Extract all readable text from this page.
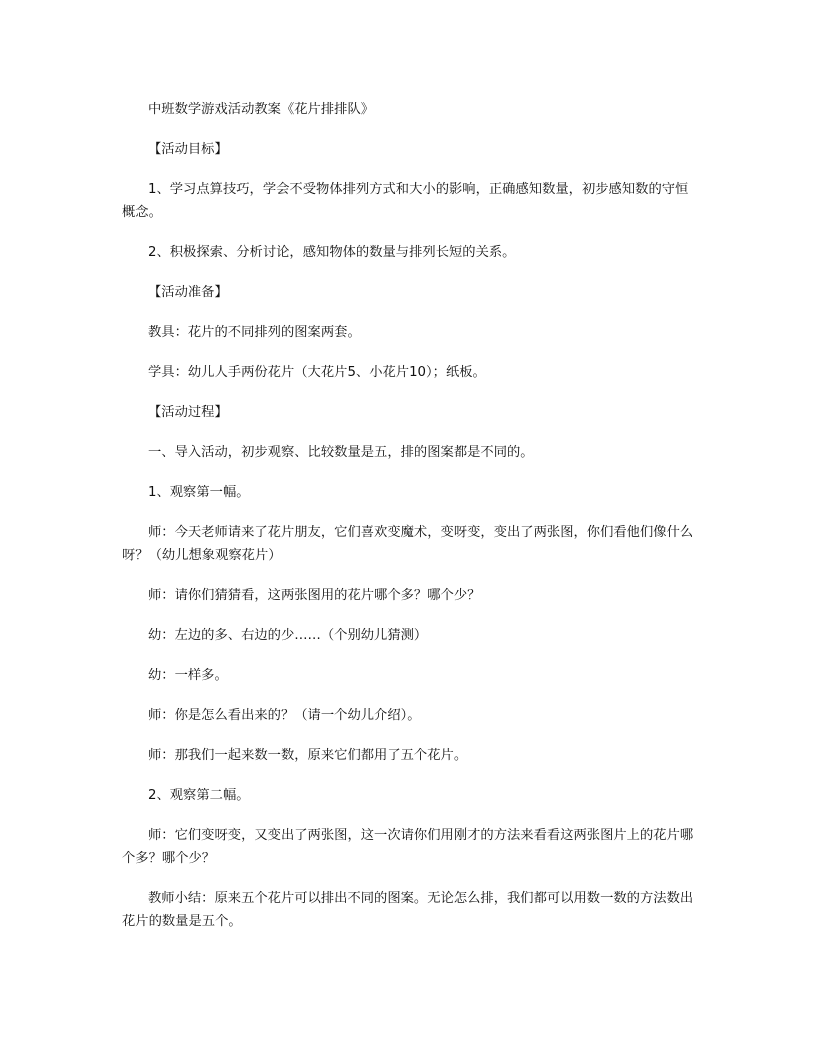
中班数学游戏活动教案《花片排排队》

【活动目标】

1、学习点算技巧，学会不受物体排列方式和大小的影响，正确感知数量，初步感知数的守恒概念。

2、积极探索、分析讨论，感知物体的数量与排列长短的关系。

【活动准备】

教具：花片的不同排列的图案两套。

学具：幼儿人手两份花片（大花片5、小花片10）；纸板。

【活动过程】

一、导入活动，初步观察、比较数量是五，排的图案都是不同的。

1、观察第一幅。

师：今天老师请来了花片朋友，它们喜欢变魔术，变呀变，变出了两张图，你们看他们像什么呀？（幼儿想象观察花片）

师：请你们猜猜看，这两张图用的花片哪个多？哪个少？

幼：左边的多、右边的少……（个别幼儿猜测）

幼：一样多。

师：你是怎么看出来的？（请一个幼儿介绍）。

师：那我们一起来数一数，原来它们都用了五个花片。

2、观察第二幅。

师：它们变呀变，又变出了两张图，这一次请你们用刚才的方法来看看这两张图片上的花片哪个多？哪个少？

教师小结：原来五个花片可以排出不同的图案。无论怎么排，我们都可以用数一数的方法数出花片的数量是五个。
